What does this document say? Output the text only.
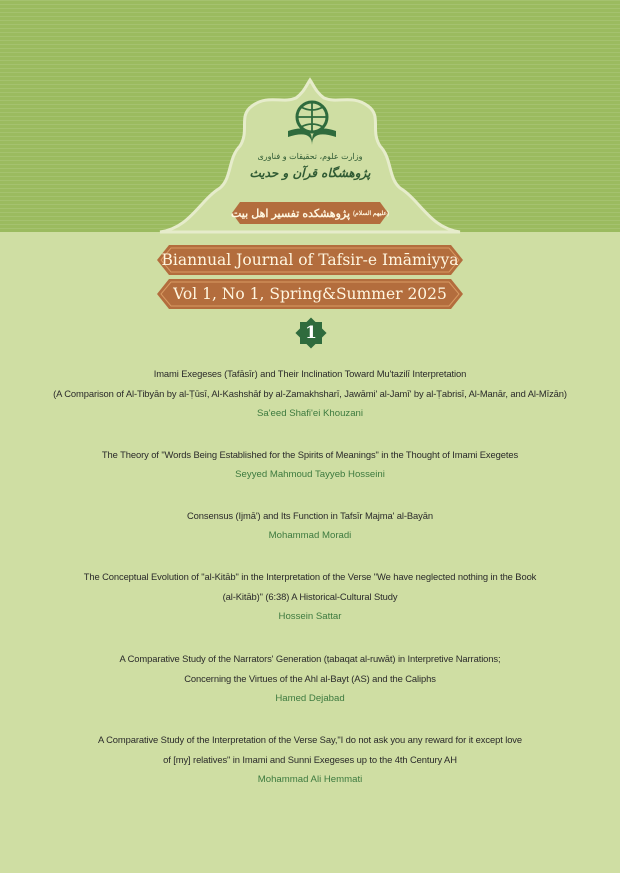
وزارت علوم، تحقیقات و فناوری
پژوهشگاه قرآن و حدیث
پژوهشکده تفسیر اهل بیت (علیهم السلام)
Biannual Journal of Tafsir-e Imāmiyya
Vol 1, No 1, Spring&Summer 2025
1
Imami Exegeses (Tafāsīr) and Their Inclination Toward Mu'tazilī Interpretation
(A Comparison of Al-Tibyān by al-Ṭūsī, Al-Kashshāf by al-Zamakhsharī, Jawāmi' al-Jamī' by al-Ṭabrisī, Al-Manār, and Al-Mīzān)
Sa'eed Shafi'ei Khouzani
The Theory of "Words Being Established for the Spirits of Meanings" in the Thought of Imami Exegetes
Seyyed Mahmoud Tayyeb Hosseini
Consensus (Ijmā') and Its Function in Tafsīr Majma' al-Bayān
Mohammad Moradi
The Conceptual Evolution of "al-Kitāb" in the Interpretation of the Verse "We have neglected nothing in the Book
(al-Kitāb)" (6:38) A Historical-Cultural Study
Hossein Sattar
A Comparative Study of the Narrators' Generation (ṭabaqat al-ruwāt) in Interpretive Narrations;
Concerning the Virtues of the Ahl al-Bayt (AS) and the Caliphs
Hamed Dejabad
A Comparative Study of the Interpretation of the Verse Say,"I do not ask you any reward for it except love
of [my] relatives" in Imami and Sunni Exegeses up to the 4th Century AH
Mohammad Ali Hemmati
